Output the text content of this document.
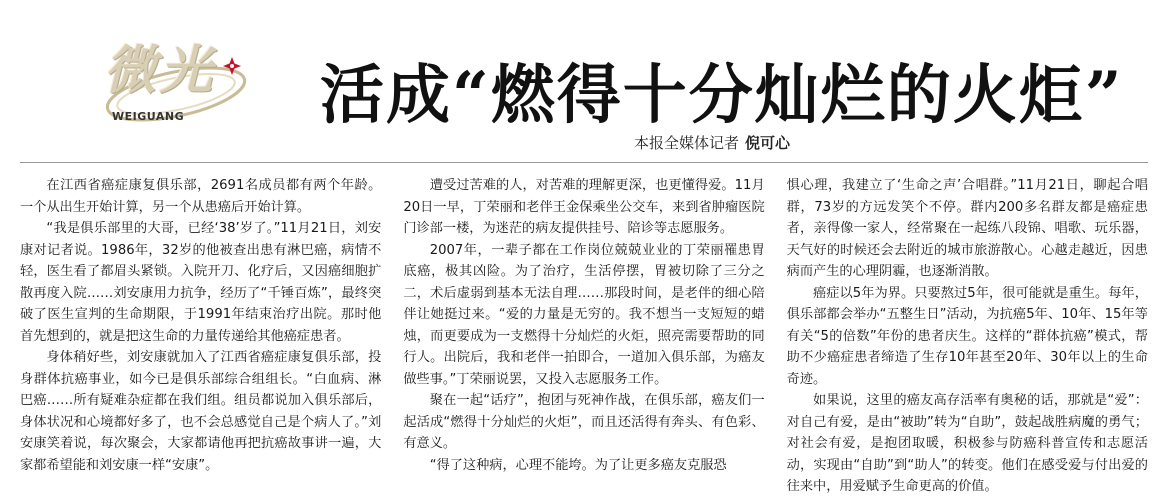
微光
WEIGUANG 活成“燃得十分灿烂的火炬”
本报全媒体记者 倪可心

在江西省癌症康复俱乐部，2691名成员都有两个年龄。一个从出生开始计算，另一个从患癌后开始计算。

“我是俱乐部里的大哥，已经‘38’岁了。”11月21日，刘安康对记者说。1986年，32岁的他被查出患有淋巴癌，病情不轻，医生看了都眉头紧锁。入院开刀、化疗后，又因癌细胞扩散再度入院……刘安康用力抗争，经历了“千锤百炼”，最终突破了医生宣判的生命期限，于1991年结束治疗出院。那时他首先想到的，就是把这生命的力量传递给其他癌症患者。

身体稍好些，刘安康就加入了江西省癌症康复俱乐部，投身群体抗癌事业，如今已是俱乐部综合组组长。“白血病、淋巴癌……所有疑难杂症都在我们组。组员都说加入俱乐部后，身体状况和心境都好多了，也不会总感觉自己是个病人了。”刘安康笑着说，每次聚会，大家都请他再把抗癌故事讲一遍，大家都希望能和刘安康一样“安康”。

遭受过苦难的人，对苦难的理解更深，也更懂得爱。11月20日一早，丁荣丽和老伴王金保乘坐公交车，来到省肿瘤医院门诊部一楼，为迷茫的病友提供挂号、陪诊等志愿服务。

2007年，一辈子都在工作岗位兢兢业业的丁荣丽罹患胃底癌，极其凶险。为了治疗，生活停摆，胃被切除了三分之二，术后虚弱到基本无法自理……那段时间，是老伴的细心陪伴让她挺过来。“爱的力量是无穷的。我不想当一支短短的蜡烛，而更要成为一支燃得十分灿烂的火炬，照亮需要帮助的同行人。出院后，我和老伴一拍即合，一道加入俱乐部，为癌友做些事。”丁荣丽说罢，又投入志愿服务工作。

聚在一起“话疗”，抱团与死神作战，在俱乐部，癌友们一起活成“燃得十分灿烂的火炬”，而且还活得有奔头、有色彩、有意义。

“得了这种病，心理不能垮。为了让更多癌友克服恐

惧心理，我建立了‘生命之声’合唱群。”11月21日，聊起合唱群，73岁的方远发笑个不停。群内200多名群友都是癌症患者，亲得像一家人，经常聚在一起练八段锦、唱歌、玩乐器，天气好的时候还会去附近的城市旅游散心。心越走越近，因患病而产生的心理阴霾，也逐渐消散。

癌症以5年为界。只要熬过5年，很可能就是重生。每年，俱乐部都会举办“五整生日”活动，为抗癌5年、10年、15年等有关“5的倍数”年份的患者庆生。这样的“群体抗癌”模式，帮助不少癌症患者缔造了生存10年甚至20年、30年以上的生命奇迹。

如果说，这里的癌友高存活率有奥秘的话，那就是“爱”：对自己有爱，是由“被助”转为“自助”，鼓起战胜病魔的勇气；对社会有爱，是抱团取暖，积极参与防癌科普宣传和志愿活动，实现由“自助”到“助人”的转变。他们在感受爱与付出爱的往来中，用爱赋予生命更高的价值。
